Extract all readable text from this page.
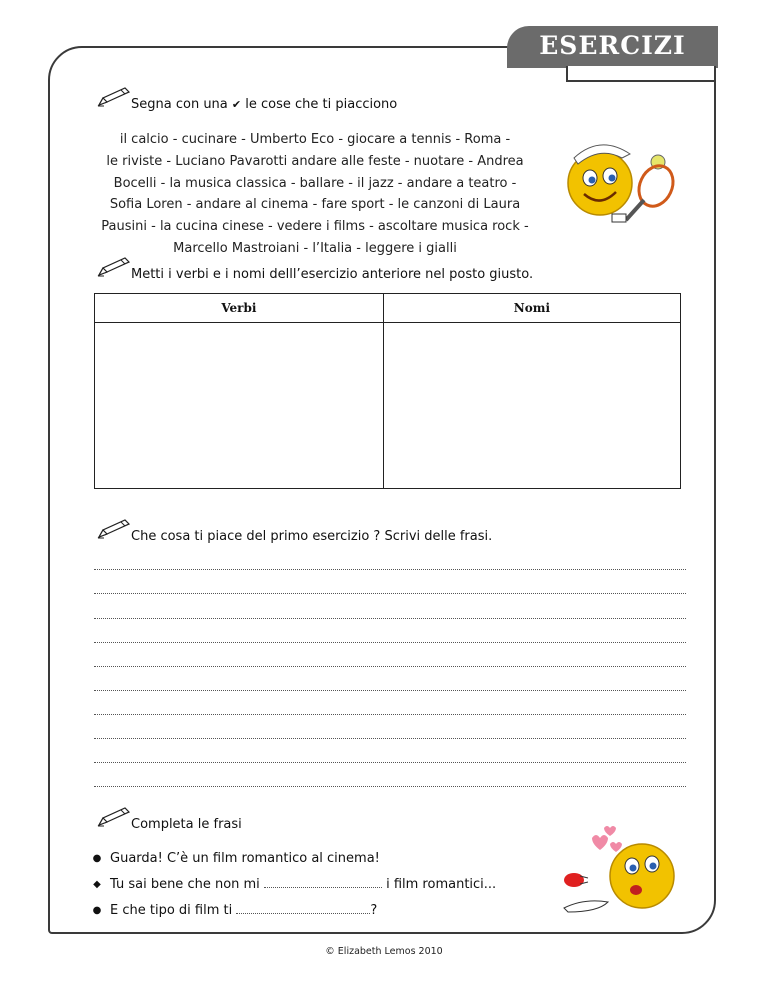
ESERCIZI
Segna con una ✔ le cose che ti piacciono
il calcio - cucinare - Umberto Eco - giocare a tennis - Roma -
le riviste - Luciano Pavarotti andare alle feste - nuotare - Andrea
Bocelli - la musica classica - ballare - il jazz - andare a teatro -
Sofia Loren - andare al cinema - fare sport - le canzoni di Laura
Pausini - la cucina cinese - vedere i films - ascoltare musica rock -
Marcello Mastroiani - l’Italia - leggere i gialli
Metti i verbi e i nomi delll’esercizio anteriore nel posto giusto.
Verbi	Nomi

Che cosa ti piace del primo esercizio ? Scrivi delle frasi.
Completa le frasi
● Guarda! C’è un film romantico al cinema!
◆ Tu sai bene che non mi	i film romantici...
● E che tipo di film ti	?
© Elizabeth Lemos 2010
